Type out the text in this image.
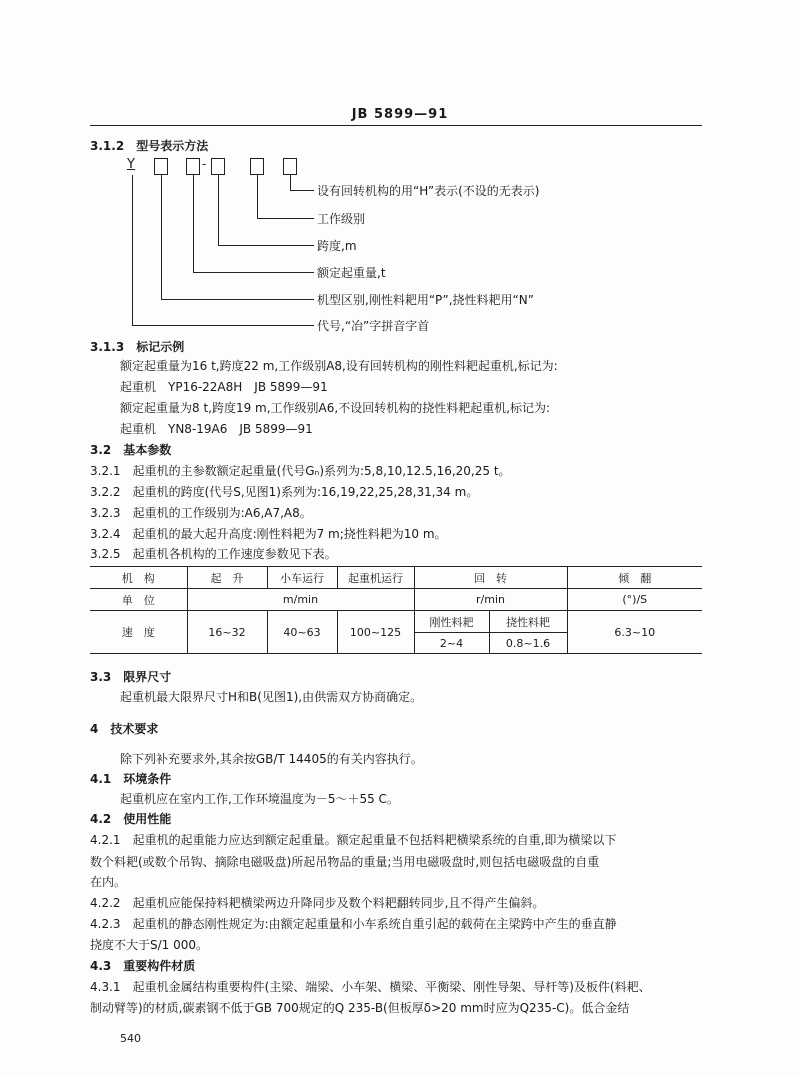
JB 5899—91
3.1.2　 型号表示方法
Y	-
设有回转机构的用“H”表示(不设的无表示)
工作级别
跨度,m
额定起重量,t
机型区别,刚性料耙用“P”,挠性料耙用“N”
代号,“冶”字拼音字首
3.1.3　 标记示例
额定起重量为16 t,跨度22 m,工作级别A8,设有回转机构的刚性料耙起重机,标记为:
起重机　YP16-22A8H　JB 5899—91
额定起重量为8 t,跨度19 m,工作级别A6,不设回转机构的挠性料耙起重机,标记为:
起重机　YN8-19A6　JB 5899—91
3.2　 基本参数
3.2.1　 起重机的主参数额定起重量(代号Gₙ)系列为:5,8,10,12.5,16,20,25 t。
3.2.2　 起重机的跨度(代号S,见图1)系列为:16,19,22,25,28,31,34 m。
3.2.3　 起重机的工作级别为:A6,A7,A8。
3.2.4　 起重机的最大起升高度:刚性料耙为7 m;挠性料耙为10 m。
3.2.5　 起重机各机构的工作速度参数见下表。
机　构	起　升	小车运行	起重机运行	回　转		倾　翻
单　位	m/min			r/min		(°)/S
速　度	16~32	40~63	100~125	刚性料耙	挠性料耙	6.3~10
				2~4	0.8~1.6	
3.3　 限界尺寸
起重机最大限界尺寸H和B(见图1),由供需双方协商确定。
4　 技术要求
除下列补充要求外,其余按GB/T 14405的有关内容执行。
4.1　 环境条件
起重机应在室内工作,工作环境温度为－5～＋55 C。
4.2　 使用性能
4.2.1　 起重机的起重能力应达到额定起重量。额定起重量不包括料耙横梁系统的自重,即为横梁以下
数个料耙(或数个吊钩、摘除电磁吸盘)所起吊物品的重量;当用电磁吸盘时,则包括电磁吸盘的自重
在内。
4.2.2　 起重机应能保持料耙横梁两边升降同步及数个料耙翻转同步,且不得产生偏斜。
4.2.3　 起重机的静态刚性规定为:由额定起重量和小车系统自重引起的载荷在主梁跨中产生的垂直静
挠度不大于S/1 000。
4.3　 重要构件材质
4.3.1　 起重机金属结构重要构件(主梁、端梁、小车架、横梁、平衡梁、刚性导架、导杆等)及板件(料耙、
制动臂等)的材质,碳素钢不低于GB 700规定的Q 235-B(但板厚δ>20 mm时应为Q235-C)。低合金结
540
